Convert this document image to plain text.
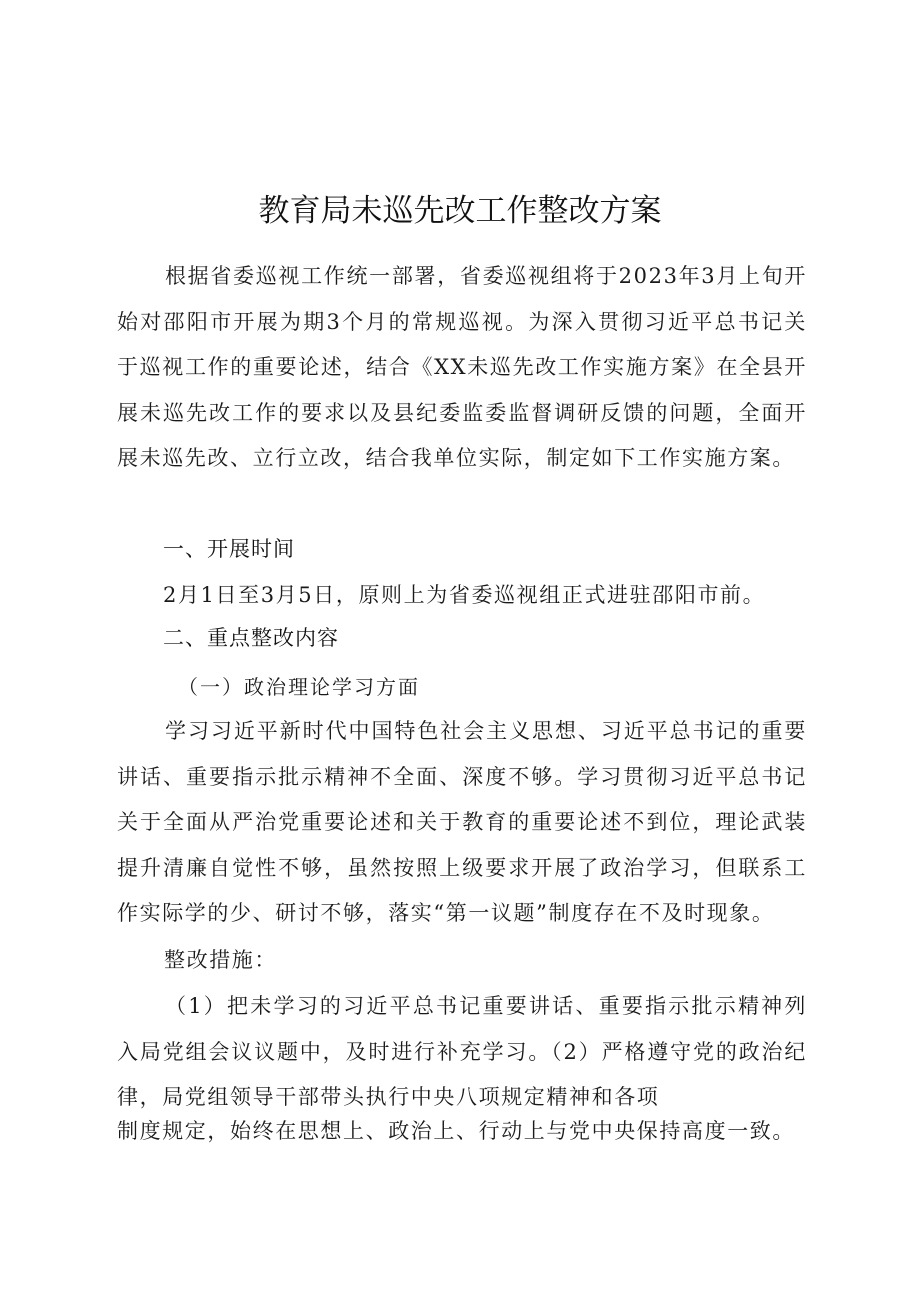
教育局未巡先改工作整改方案

根据省委巡视工作统一部署，省委巡视组将于2023年3月上旬开始对邵阳市开展为期3个月的常规巡视。为深入贯彻习近平总书记关于巡视工作的重要论述，结合《XX未巡先改工作实施方案》在全县开展未巡先改工作的要求以及县纪委监委监督调研反馈的问题，全面开展未巡先改、立行立改，结合我单位实际，制定如下工作实施方案。

一、开展时间

2月1日至3月5日，原则上为省委巡视组正式进驻邵阳市前。

二、重点整改内容
（一）政治理论学习方面

学习习近平新时代中国特色社会主义思想、习近平总书记的重要讲话、重要指示批示精神不全面、深度不够。学习贯彻习近平总书记关于全面从严治党重要论述和关于教育的重要论述不到位，理论武装提升清廉自觉性不够，虽然按照上级要求开展了政治学习，但联系工作实际学的少、研讨不够，落实“第一议题”制度存在不及时现象。

整改措施：

（1）把未学习的习近平总书记重要讲话、重要指示批示精神列入局党组会议议题中，及时进行补充学习。（2）严格遵守党的政治纪律，局党组领导干部带头执行中央八项规定精神和各项

制度规定，始终在思想上、政治上、行动上与党中央保持高度一致。
